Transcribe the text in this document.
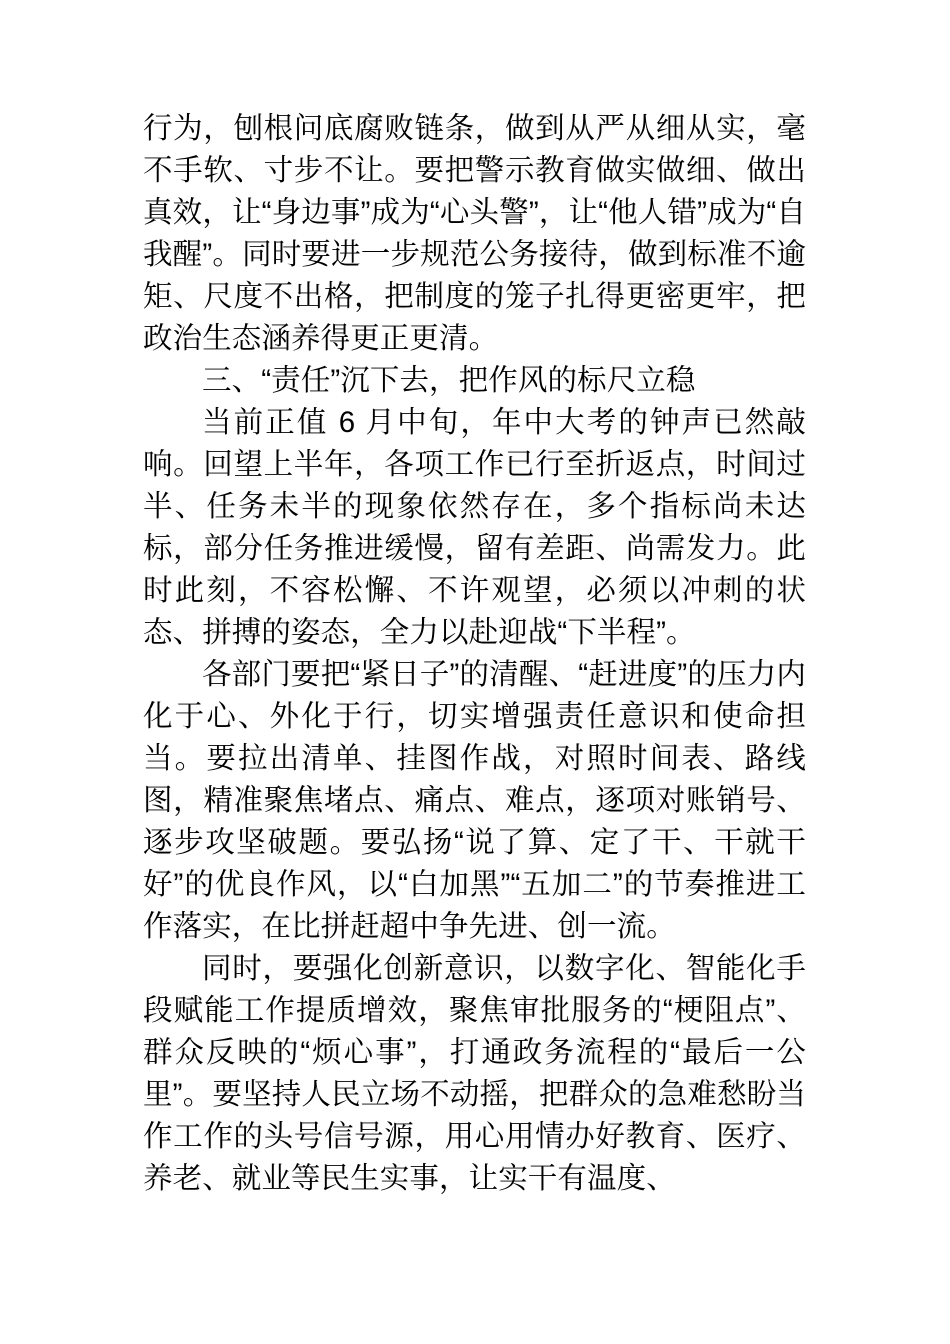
行为，刨根问底腐败链条，做到从严从细从实，毫不手软、寸步不让。要把警示教育做实做细、做出真效，让“身边事”成为“心头警”，让“他人错”成为“自我醒”。同时要进一步规范公务接待，做到标准不逾矩、尺度不出格，把制度的笼子扎得更密更牢，把政治生态涵养得更正更清。

三、“责任”沉下去，把作风的标尺立稳

当前正值 6 月中旬，年中大考的钟声已然敲响。回望上半年，各项工作已行至折返点，时间过半、任务未半的现象依然存在，多个指标尚未达标，部分任务推进缓慢，留有差距、尚需发力。此时此刻，不容松懈、不许观望，必须以冲刺的状态、拼搏的姿态，全力以赴迎战“下半程”。

各部门要把“紧日子”的清醒、“赶进度”的压力内化于心、外化于行，切实增强责任意识和使命担当。要拉出清单、挂图作战，对照时间表、路线图，精准聚焦堵点、痛点、难点，逐项对账销号、逐步攻坚破题。要弘扬“说了算、定了干、干就干好”的优良作风，以“白加黑”“五加二”的节奏推进工作落实，在比拼赶超中争先进、创一流。

同时，要强化创新意识，以数字化、智能化手段赋能工作提质增效，聚焦审批服务的“梗阻点”、群众反映的“烦心事”，打通政务流程的“最后一公里”。要坚持人民立场不动摇，把群众的急难愁盼当作工作的头号信号源，用心用情办好教育、医疗、养老、就业等民生实事，让实干有温度、
